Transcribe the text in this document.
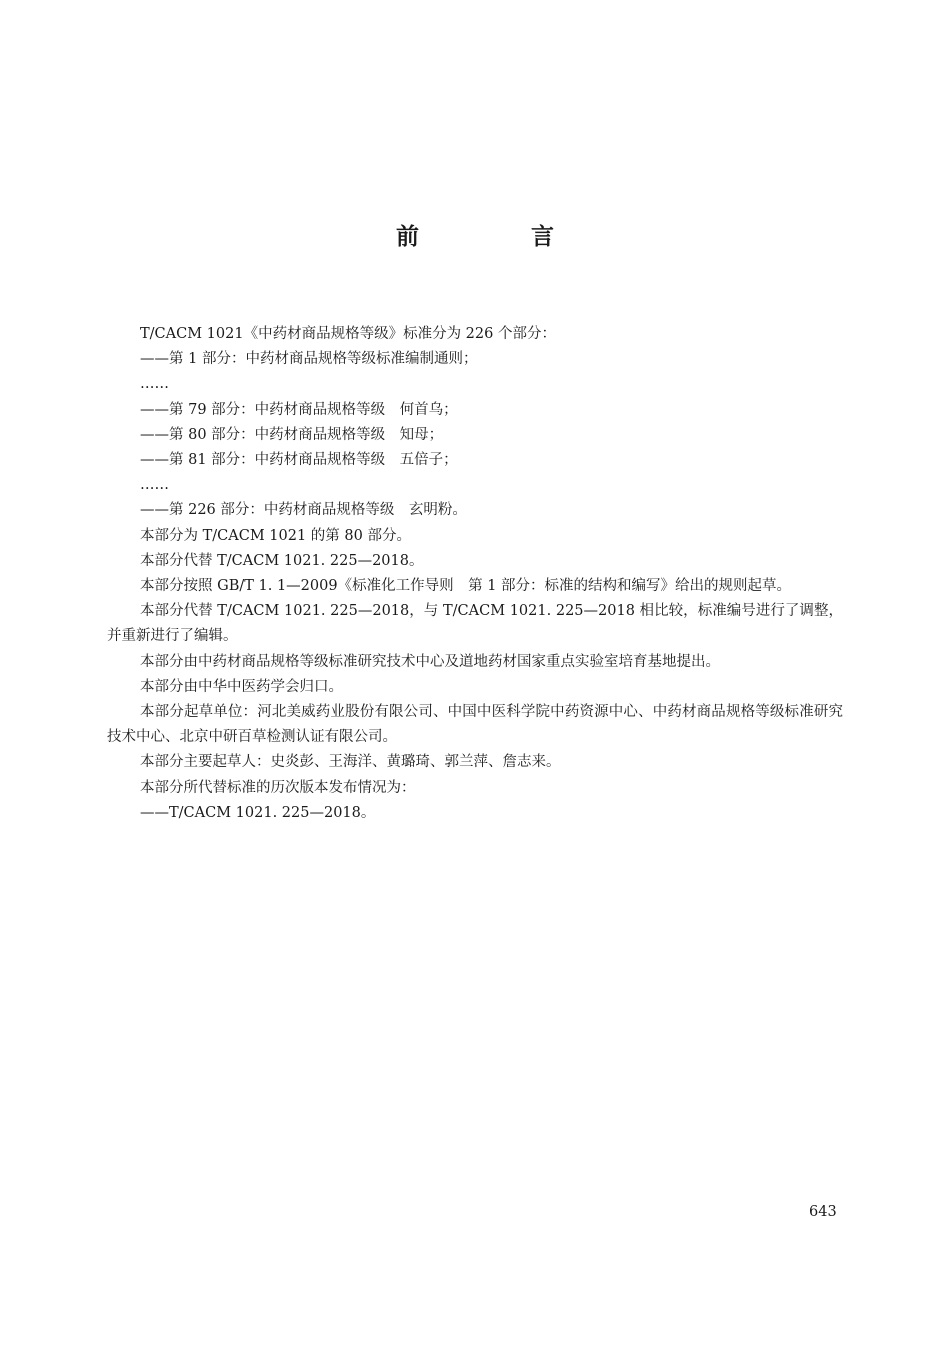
前 言

T/CACM 1021《中药材商品规格等级》标准分为 226 个部分：

——第 1 部分：中药材商品规格等级标准编制通则；

……

——第 79 部分：中药材商品规格等级　何首乌；

——第 80 部分：中药材商品规格等级　知母；

——第 81 部分：中药材商品规格等级　五倍子；

……

——第 226 部分：中药材商品规格等级　玄明粉。

本部分为 T/CACM 1021 的第 80 部分。

本部分代替 T/CACM 1021. 225—2018。

本部分按照 GB/T 1. 1—2009《标准化工作导则　第 1 部分：标准的结构和编写》给出的规则起草。

本部分代替 T/CACM 1021. 225—2018，与 T/CACM 1021. 225—2018 相比较，标准编号进行了调整，并重新进行了编辑。

本部分由中药材商品规格等级标准研究技术中心及道地药材国家重点实验室培育基地提出。

本部分由中华中医药学会归口。

本部分起草单位：河北美威药业股份有限公司、中国中医科学院中药资源中心、中药材商品规格等级标准研究技术中心、北京中研百草检测认证有限公司。

本部分主要起草人：史炎彭、王海洋、黄璐琦、郭兰萍、詹志来。

本部分所代替标准的历次版本发布情况为：

——T/CACM 1021. 225—2018。

643
